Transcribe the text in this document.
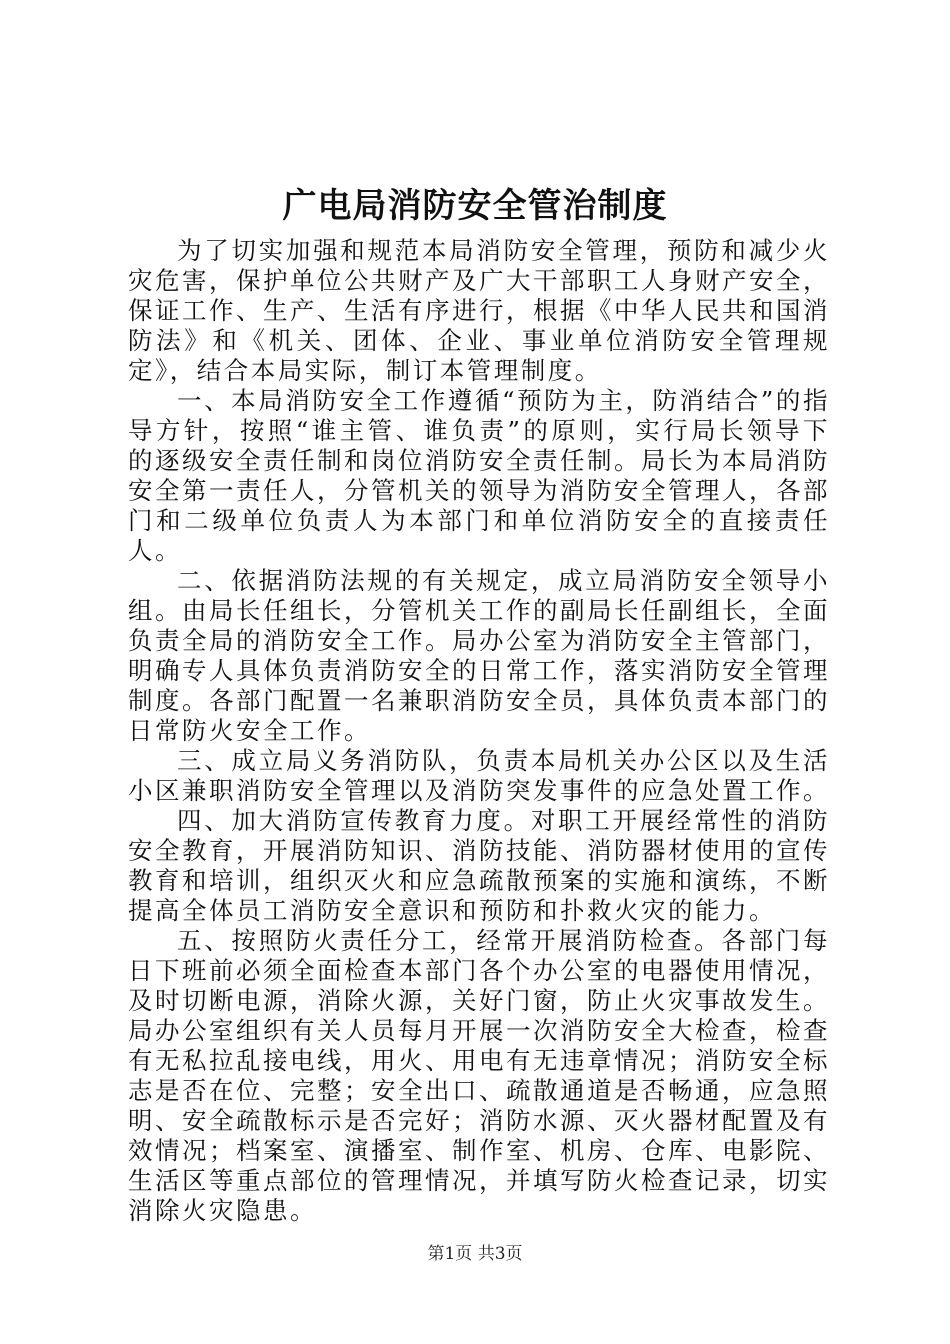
广电局消防安全管治制度

为了切实加强和规范本局消防安全管理，预防和减少火灾危害，保护单位公共财产及广大干部职工人身财产安全，保证工作、生产、生活有序进行，根据《中华人民共和国消防法》和《机关、团体、企业、事业单位消防安全管理规定》，结合本局实际，制订本管理制度。

一、本局消防安全工作遵循“预防为主，防消结合”的指导方针，按照“谁主管、谁负责”的原则，实行局长领导下的逐级安全责任制和岗位消防安全责任制。局长为本局消防安全第一责任人，分管机关的领导为消防安全管理人，各部门和二级单位负责人为本部门和单位消防安全的直接责任人。

二、依据消防法规的有关规定，成立局消防安全领导小组。由局长任组长，分管机关工作的副局长任副组长，全面负责全局的消防安全工作。局办公室为消防安全主管部门，明确专人具体负责消防安全的日常工作，落实消防安全管理制度。各部门配置一名兼职消防安全员，具体负责本部门的日常防火安全工作。

三、成立局义务消防队，负责本局机关办公区以及生活小区兼职消防安全管理以及消防突发事件的应急处置工作。

四、加大消防宣传教育力度。对职工开展经常性的消防安全教育，开展消防知识、消防技能、消防器材使用的宣传教育和培训，组织灭火和应急疏散预案的实施和演练，不断提高全体员工消防安全意识和预防和扑救火灾的能力。

五、按照防火责任分工，经常开展消防检查。各部门每日下班前必须全面检查本部门各个办公室的电器使用情况，及时切断电源，消除火源，关好门窗，防止火灾事故发生。局办公室组织有关人员每月开展一次消防安全大检查，检查有无私拉乱接电线，用火、用电有无违章情况；消防安全标志是否在位、完整；安全出口、疏散通道是否畅通，应急照明、安全疏散标示是否完好；消防水源、灭火器材配置及有效情况；档案室、演播室、制作室、机房、仓库、电影院、生活区等重点部位的管理情况，并填写防火检查记录，切实消除火灾隐患。

第1页 共3页
